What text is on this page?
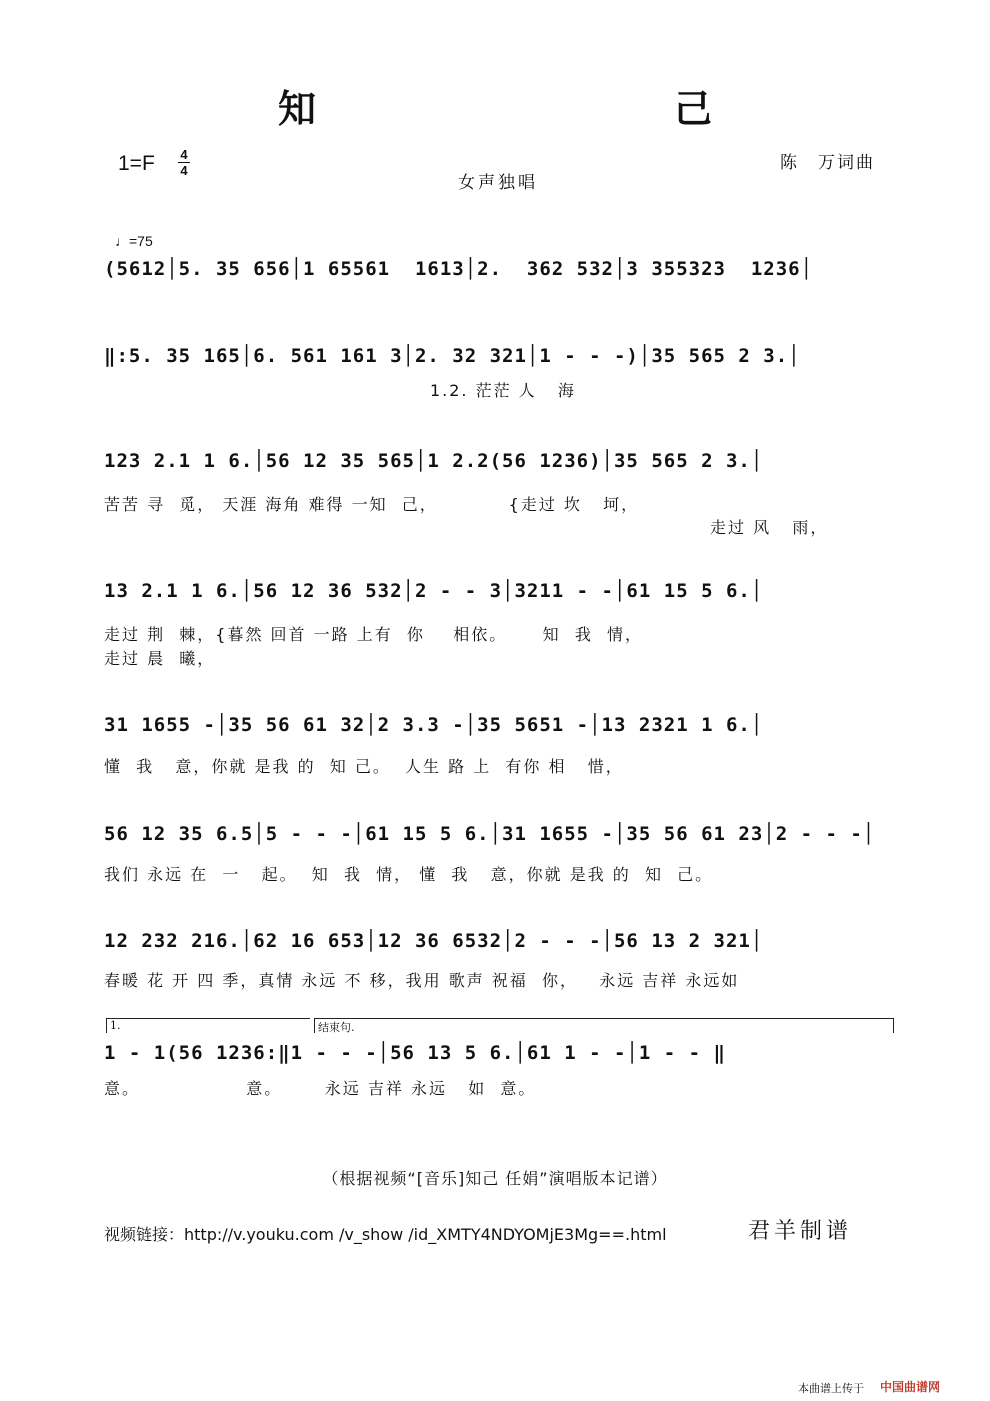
知　己
1=F 4
4
女声独唱
陈　万词曲
♩=75
(5612│5. 35 656│1 65561  1613│2.  362 532│3 355323  1236│
‖:5. 35 165│6. 561 161 3│2. 32 321│1 - - -)│35 565 2 3.│
1.2. 茫茫 人   海
123 2.1 1 6.│56 12 35 565│1 2.2(56 1236)│35 565 2 3.│
苦苦 寻  觅， 天涯 海角 难得 一知  己，          {走过 坎   坷，
走过 风   雨，
13 2.1 1 6.│56 12 36 532│2 - - 3│3211 - -│61 15 5 6.│
走过 荆  棘，{暮然 回首 一路 上有  你    相依。     知  我  情，
走过 晨  曦，
31 1655 -│35 56 61 32│2 3.3 -│35 5651 -│13 2321 1 6.│
懂  我   意，你就 是我 的  知 己。  人生 路 上  有你 相   惜，
56 12 35 6.5│5 - - -│61 15 5 6.│31 1655 -│35 56 61 23│2 - - -│
我们 永远 在  一   起。  知  我  情， 懂  我   意，你就 是我 的  知  己。
12 232 216.│62 16 653│12 36 6532│2 - - -│56 13 2 321│
春暖 花 开 四 季，真情 永远 不 移，我用 歌声 祝福  你，   永远 吉祥 永远如
1.	结束句.
1 - 1(56 1236:‖1 - - -│56 13 5 6.│61 1 - -│1 - - ‖
意。               意。      永远 吉祥 永远   如  意。
（根据视频“[音乐]知己 任娟”演唱版本记谱）
视频链接：http://v.youku.com /v_show /id_XMTY4NDYOMjE3Mg==.html	君羊制谱
本曲谱上传于 中国曲谱网
